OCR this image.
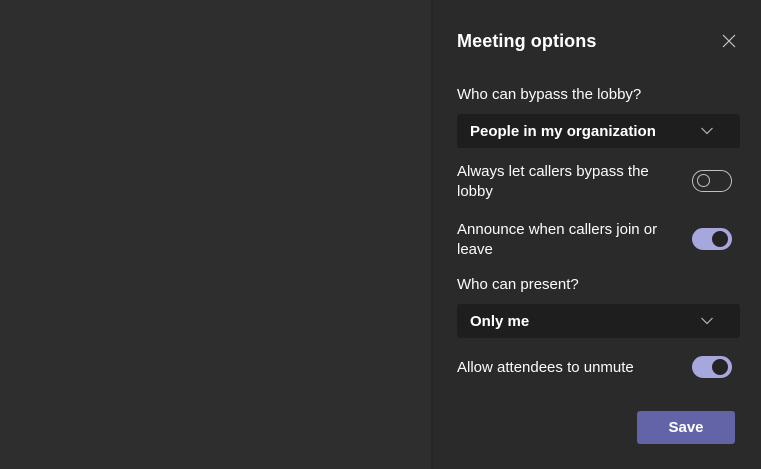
Meeting options
Who can bypass the lobby?
People in my organization
Always let callers bypass the lobby
Announce when callers join or leave
Who can present?
Only me
Allow attendees to unmute
Save
